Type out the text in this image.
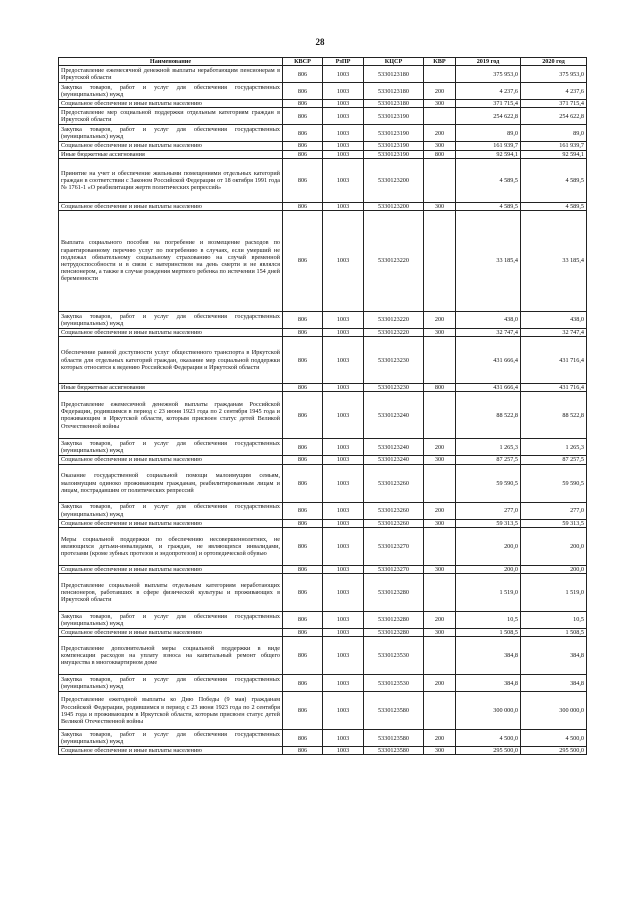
28
Наименование	КВСР	РзПР	КЦСР	КВР	2019 год	2020 год
Предоставление ежемесячной денежной выплаты неработающим пенсионерам в Иркутской области	806	1003	5330123180		375 953,0	375 953,0
Закупка товаров, работ и услуг для обеспечения государственных (муниципальных) нужд	806	1003	5330123180	200	4 237,6	4 237,6
Социальное обеспечение и иные выплаты населению	806	1003	5330123180	300	371 715,4	371 715,4
Предоставление мер социальной поддержки отдельным категориям граждан в Иркутской области	806	1003	5330123190		254 622,8	254 622,8
Закупка товаров, работ и услуг для обеспечения государственных (муниципальных) нужд	806	1003	5330123190	200	89,0	89,0
Социальное обеспечение и иные выплаты населению	806	1003	5330123190	300	161 939,7	161 939,7
Иные бюджетные ассигнования	806	1003	5330123190	800	92 594,1	92 594,1
Принятие на учет и обеспечение жильными помещениями отдельных категорий граждан в соответствии с Законом Российской Федерации от 18 октября 1991 года № 1761-1 «О реабилитации жертв политических репрессий»	806	1003	5330123200		4 589,5	4 589,5
Социальное обеспечение и иные выплаты населению	806	1003	5330123200	300	4 589,5	4 589,5
Выплата социального пособия на погребение и возмещение расходов по гарантированному перечню услуг по погребению в случаях, если умерший не подлежал обязательному социальному страхованию на случай временной нетрудоспособности и в связи с материнством на день смерти и не являлся пенсионером, а также в случае рождения мертвого ребенка по истечении 154 дней беременности	806	1003	5330123220		33 185,4	33 185,4
Закупка товаров, работ и услуг для обеспечения государственных (муниципальных) нужд	806	1003	5330123220	200	438,0	438,0
Социальное обеспечение и иные выплаты населению	806	1003	5330123220	300	32 747,4	32 747,4
Обеспечение равной доступности услуг общественного транспорта в Иркутской области для отдельных категорий граждан, оказание мер социальной поддержки которых относится к ведению Российской Федерации и Иркутской области	806	1003	5330123230		431 666,4	431 716,4
Иные бюджетные ассигнования	806	1003	5330123230	800	431 666,4	431 716,4
Предоставление ежемесячной денежной выплаты гражданам Российской Федерации, родившимся в период с 23 июня 1923 года по 2 сентября 1945 года и проживающим в Иркутской области, которым присвоен статус детей Великой Отечественной войны	806	1003	5330123240		88 522,8	88 522,8
Закупка товаров, работ и услуг для обеспечения государственных (муниципальных) нужд	806	1003	5330123240	200	1 265,3	1 265,3
Социальное обеспечение и иные выплаты населению	806	1003	5330123240	300	87 257,5	87 257,5
Оказание государственной социальной помощи малоимущим семьям, малоимущим одиноко проживающим гражданам, реабилитированным лицам и лицам, пострадавшим от политических репрессий	806	1003	5330123260		59 590,5	59 590,5
Закупка товаров, работ и услуг для обеспечения государственных (муниципальных) нужд	806	1003	5330123260	200	277,0	277,0
Социальное обеспечение и иные выплаты населению	806	1003	5330123260	300	59 313,5	59 313,5
Меры социальной поддержки по обеспечению несовершеннолетних, не являющихся детьми-инвалидами, и граждан, не являющихся инвалидами, протезами (кроме зубных протезов и эндопротезов) и ортопедической обувью	806	1003	5330123270		200,0	200,0
Социальное обеспечение и иные выплаты населению	806	1003	5330123270	300	200,0	200,0
Предоставление социальной выплаты отдельным категориям неработающих пенсионеров, работавших в сфере физической культуры и проживающих в Иркутской области	806	1003	5330123280		1 519,0	1 519,0
Закупка товаров, работ и услуг для обеспечения государственных (муниципальных) нужд	806	1003	5330123280	200	10,5	10,5
Социальное обеспечение и иные выплаты населению	806	1003	5330123280	300	1 508,5	1 508,5
Предоставление дополнительной меры социальной поддержки в виде компенсации расходов на уплату взноса на капитальный ремонт общего имущества в многоквартирном доме	806	1003	5330123530		384,8	384,8
Закупка товаров, работ и услуг для обеспечения государственных (муниципальных) нужд	806	1003	5330123530	200	384,8	384,8
Предоставление ежегодной выплаты ко Дню Победы (9 мая) гражданам Российской Федерации, родившимся в период с 23 июня 1923 года по 2 сентября 1945 года и проживающим в Иркутской области, которым присвоен статус детей Великой Отечественной войны	806	1003	5330123580		300 000,0	300 000,0
Закупка товаров, работ и услуг для обеспечения государственных (муниципальных) нужд	806	1003	5330123580	200	4 500,0	4 500,0
Социальное обеспечение и иные выплаты населению	806	1003	5330123580	300	295 500,0	295 500,0
